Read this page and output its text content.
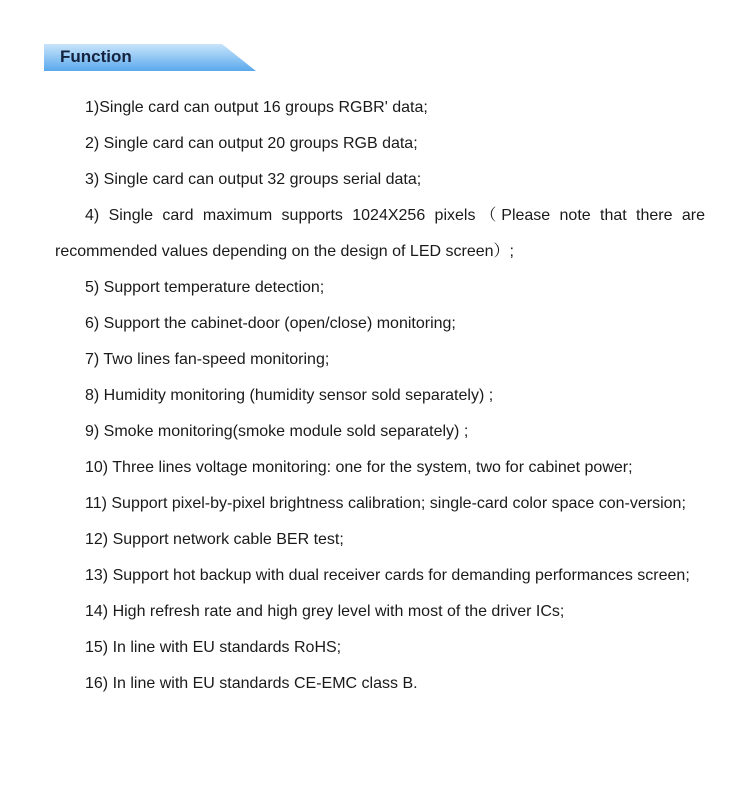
Function

1)Single card can output 16 groups RGBR' data;

2) Single card can output 20 groups RGB data;

3) Single card can output 32 groups serial data;

4) Single card maximum supports 1024X256 pixels（Please note that there are recommended values depending on the design of LED screen）;

5) Support temperature detection;

6) Support the cabinet-door (open/close) monitoring;

7) Two lines fan-speed monitoring;

8) Humidity monitoring (humidity sensor sold separately) ;

9) Smoke monitoring(smoke module sold separately) ;

10) Three lines voltage monitoring: one for the system, two for cabinet power;

11) Support pixel-by-pixel brightness calibration; single-card color space con-version;

12) Support network cable BER test;

13) Support hot backup with dual receiver cards for demanding performances screen;

14) High refresh rate and high grey level with most of the driver ICs;

15) In line with EU standards RoHS;

16) In line with EU standards CE-EMC class B.
